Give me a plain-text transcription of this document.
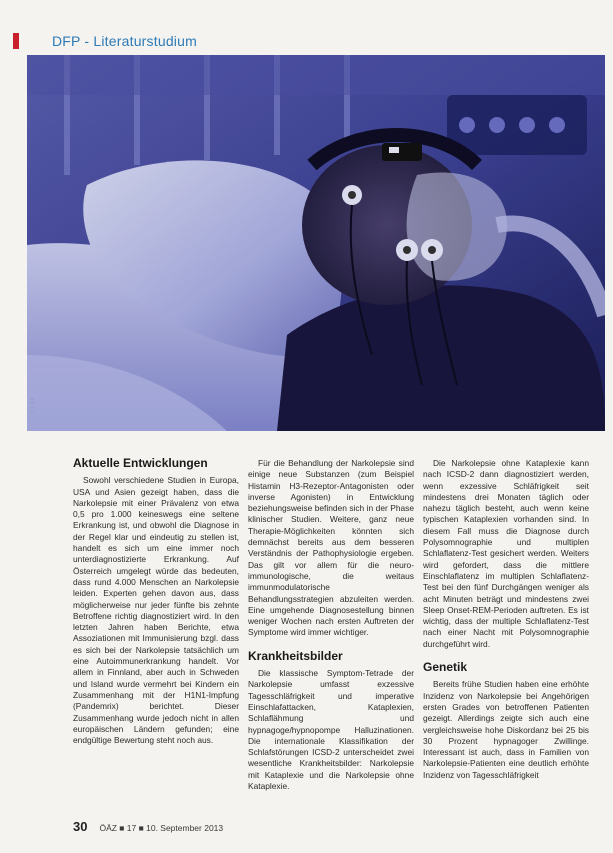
DFP - Literaturstudium
Aktuelle Entwicklungen

Sowohl verschiedene Studien in Europa, USA und Asien gezeigt haben, dass die Narkolepsie mit einer Prävalenz von etwa 0,5 pro 1.000 keineswegs eine seltene Erkrankung ist, und obwohl die Diagnose in der Regel klar und eindeutig zu stellen ist, handelt es sich um eine immer noch unterdiagnostizierte Erkrankung. Auf Österreich umgelegt würde das bedeuten, dass rund 4.000 Menschen an Narkolepsie leiden. Experten gehen davon aus, dass möglicherweise nur jeder fünfte bis zehnte Betroffene richtig diagnostiziert wird. In den letzten Jahren haben Berichte, etwa Assoziationen mit Immunisierung bzgl. dass es sich bei der Narkolepsie tatsächlich um eine Autoimmunerkrankung handelt. Vor allem in Finnland, aber auch in Schweden und Island wurde vermehrt bei Kindern ein Zusammenhang mit der H1N1-Impfung (Pandemrix) berichtet. Dieser Zusammenhang wurde jedoch nicht in allen europäischen Ländern gefunden; eine endgültige Bewertung steht noch aus.

Für die Behandlung der Narkolepsie sind einige neue Substanzen (zum Beispiel Histamin H3-Rezeptor-Antagonisten oder inverse Agonisten) in Entwicklung beziehungsweise befinden sich in der Phase klinischer Studien. Weitere, ganz neue Therapie-Möglichkeiten könnten sich demnächst bereits aus dem besseren Verständnis der Pathophysiologie ergeben. Das gilt vor allem für die neuro-immunologische, die weitaus immunmodulatorische Behandlungsstrategien abzuleiten werden. Eine umgehende Diagnosestellung binnen weniger Wochen nach ersten Auftreten der Symptome wird immer wichtiger.

Krankheitsbilder

Die klassische Symptom-Tetrade der Narkolepsie umfasst exzessive Tagesschläfrigkeit und imperative Einschlafattacken, Kataplexien, Schlaflähmung und hypnagoge/hypnopompe Halluzinationen. Die internationale Klassifikation der Schlafstörungen ICSD-2 unterscheidet zwei wesentliche Krankheitsbilder: Narkolepsie mit Kataplexie und die Narkolepsie ohne Kataplexie.

Die Narkolepsie ohne Kataplexie kann nach ICSD-2 dann diagnostiziert werden, wenn exzessive Schläfrigkeit seit mindestens drei Monaten täglich oder nahezu täglich besteht, auch wenn keine typischen Kataplexien vorhanden sind. In diesem Fall muss die Diagnose durch Polysomnographie und multiplen Schlaflatenz-Test gesichert werden. Weiters wird gefordert, dass die mittlere Einschlaflatenz im multiplen Schlaflatenz-Test bei den fünf Durchgängen weniger als acht Minuten beträgt und mindestens zwei Sleep Onset-REM-Perioden auftreten. Es ist wichtig, dass der multiple Schlaflatenz-Test nach einer Nacht mit Polysomnographie durchgeführt wird.

Genetik

Bereits frühe Studien haben eine erhöhte Inzidenz von Narkolepsie bei Angehörigen ersten Grades von betroffenen Patienten gezeigt. Allerdings zeigte sich auch eine vergleichsweise hohe Diskordanz bei 25 bis 30 Prozent hypnagoger Zwillinge. Interessant ist auch, dass in Familien von Narkolepsie-Patienten eine deutlich erhöhte Inzidenz von Tagesschläfrigkeit

30 ÖÄZ ■ 17 ■ 10. September 2013
